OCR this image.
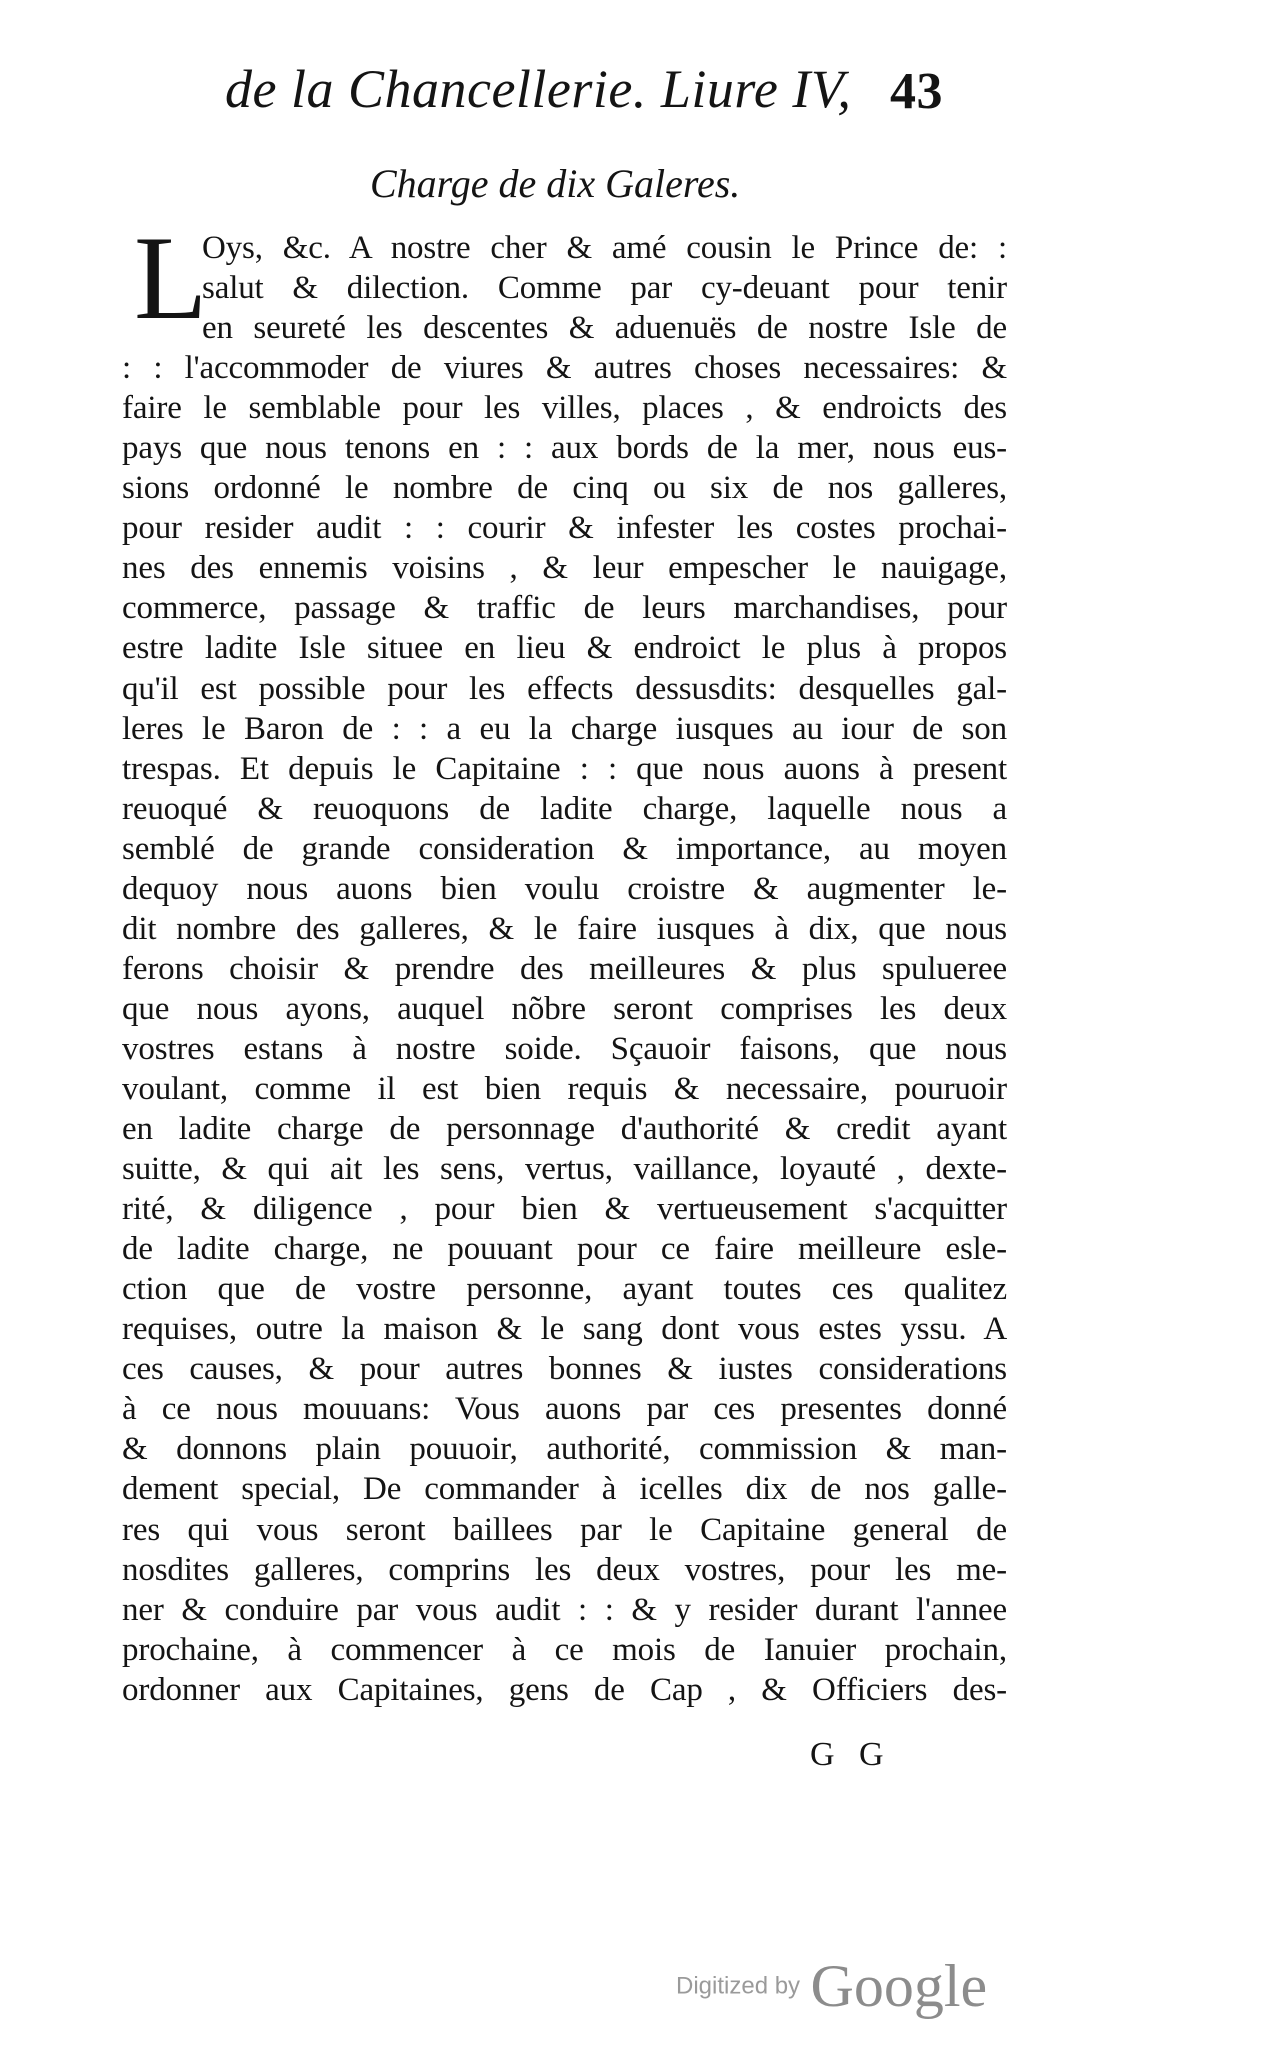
de la Chancellerie. Liure IV, 43
Charge de dix Galeres.
L
Oys, &c. A nostre cher & amé cousin le Prince de: :
salut & dilection. Comme par cy-deuant pour tenir
en seureté les descentes & aduenuës de nostre Isle de
: : l'accommoder de viures & autres choses necessaires: &
faire le semblable pour les villes, places , & endroicts des
pays que nous tenons en : : aux bords de la mer, nous eus-
sions ordonné le nombre de cinq ou six de nos galleres,
pour resider audit : : courir & infester les costes prochai-
nes des ennemis voisins , & leur empescher le nauigage,
commerce, passage & traffic de leurs marchandises, pour
estre ladite Isle situee en lieu & endroict le plus à propos
qu'il est possible pour les effects dessusdits: desquelles gal-
leres le Baron de : : a eu la charge iusques au iour de son
trespas. Et depuis le Capitaine : : que nous auons à present
reuoqué & reuoquons de ladite charge, laquelle nous a
semblé de grande consideration & importance, au moyen
dequoy nous auons bien voulu croistre & augmenter le-
dit nombre des galleres, & le faire iusques à dix, que nous
ferons choisir & prendre des meilleures & plus spulueree
que nous ayons, auquel nõbre seront comprises les deux
vostres estans à nostre soide. Sçauoir faisons, que nous
voulant, comme il est bien requis & necessaire, pouruoir
en ladite charge de personnage d'authorité & credit ayant
suitte, & qui ait les sens, vertus, vaillance, loyauté , dexte-
rité, & diligence , pour bien & vertueusement s'acquitter
de ladite charge, ne pouuant pour ce faire meilleure esle-
ction que de vostre personne, ayant toutes ces qualitez
requises, outre la maison & le sang dont vous estes yssu. A
ces causes, & pour autres bonnes & iustes considerations
à ce nous mouuans: Vous auons par ces presentes donné
& donnons plain pouuoir, authorité, commission & man-
dement special, De commander à icelles dix de nos galle-
res qui vous seront baillees par le Capitaine general de
nosdites galleres, comprins les deux vostres, pour les me-
ner & conduire par vous audit : : & y resider durant l'annee
prochaine, à commencer à ce mois de Ianuier prochain,
ordonner aux Capitaines, gens de Cap , & Officiers des-
G G
Digitized by Google
